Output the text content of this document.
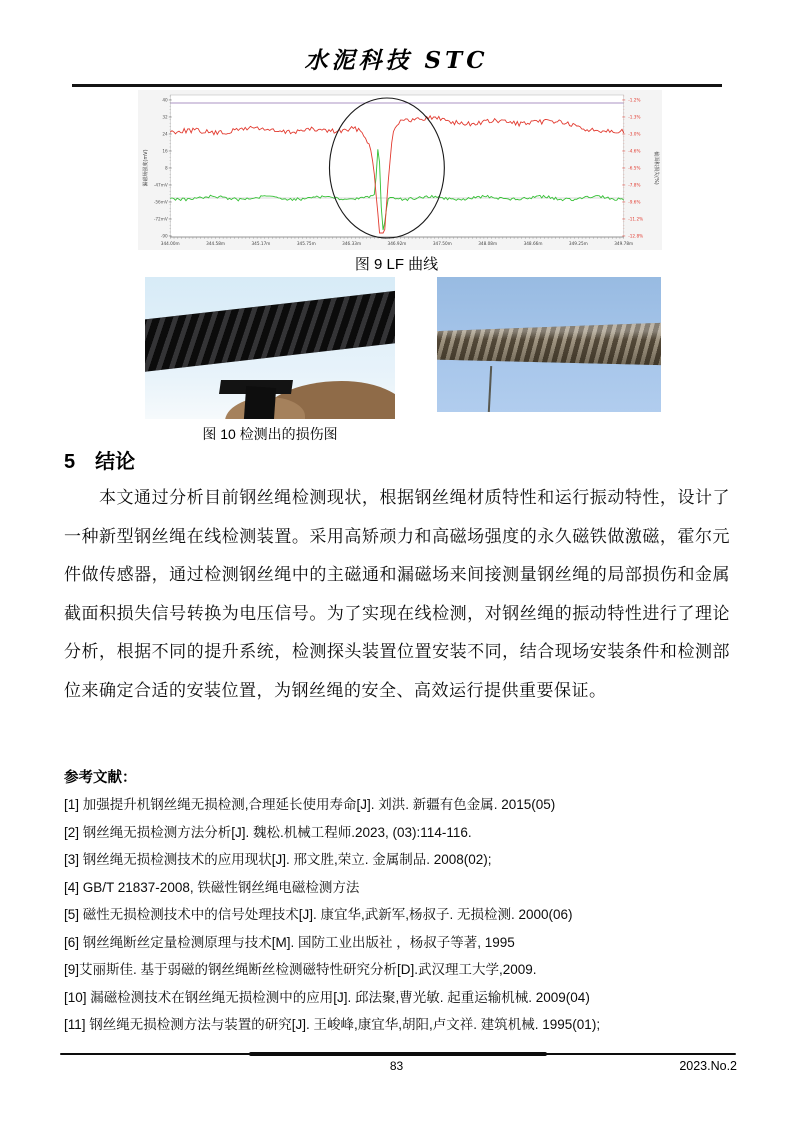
水泥科技 STC
40
32
24
16
8
-47mV
-56mV
-72mV
-90
-1.2%
-1.3%
-3.0%
-4.6%
-6.5%
-7.8%
-9.6%
-11.2%
-12.8%
344.00m	344.58m	345.17m	345.75m	346.33m	346.92m	347.50m	348.08m	348.66m	349.25m	349.78m
漏磁场强度(mV)	截面积损失(%)
图 9 LF 曲线
图 10 检测出的损伤图
5 结论
本文通过分析目前钢丝绳检测现状，根据钢丝绳材质特性和运行振动特性，设计了一种新型钢丝绳在线检测装置。采用高矫顽力和高磁场强度的永久磁铁做激磁，霍尔元件做传感器，通过检测钢丝绳中的主磁通和漏磁场来间接测量钢丝绳的局部损伤和金属截面积损失信号转换为电压信号。为了实现在线检测，对钢丝绳的振动特性进行了理论分析，根据不同的提升系统，检测探头装置位置安装不同，结合现场安装条件和检测部位来确定合适的安装位置，为钢丝绳的安全、高效运行提供重要保证。
参考文献：
[1] 加强提升机钢丝绳无损检测,合理延长使用寿命[J]. 刘洪. 新疆有色金属. 2015(05)
[2] 钢丝绳无损检测方法分析[J]. 魏松.机械工程师.2023, (03):114-116.
[3] 钢丝绳无损检测技术的应用现状[J]. 邢文胜,荣立. 金属制品. 2008(02);
[4] GB/T 21837-2008, 铁磁性钢丝绳电磁检测方法
[5] 磁性无损检测技术中的信号处理技术[J]. 康宜华,武新军,杨叔子. 无损检测. 2000(06)
[6] 钢丝绳断丝定量检测原理与技术[M]. 国防工业出版社 ，杨叔子等著, 1995
[9]艾丽斯佳. 基于弱磁的钢丝绳断丝检测磁特性研究分析[D].武汉理工大学,2009.
[10] 漏磁检测技术在钢丝绳无损检测中的应用[J]. 邱法聚,曹光敏. 起重运输机械. 2009(04)
[11] 钢丝绳无损检测方法与装置的研究[J]. 王峻峰,康宜华,胡阳,卢文祥. 建筑机械. 1995(01);
83	2023.No.2
